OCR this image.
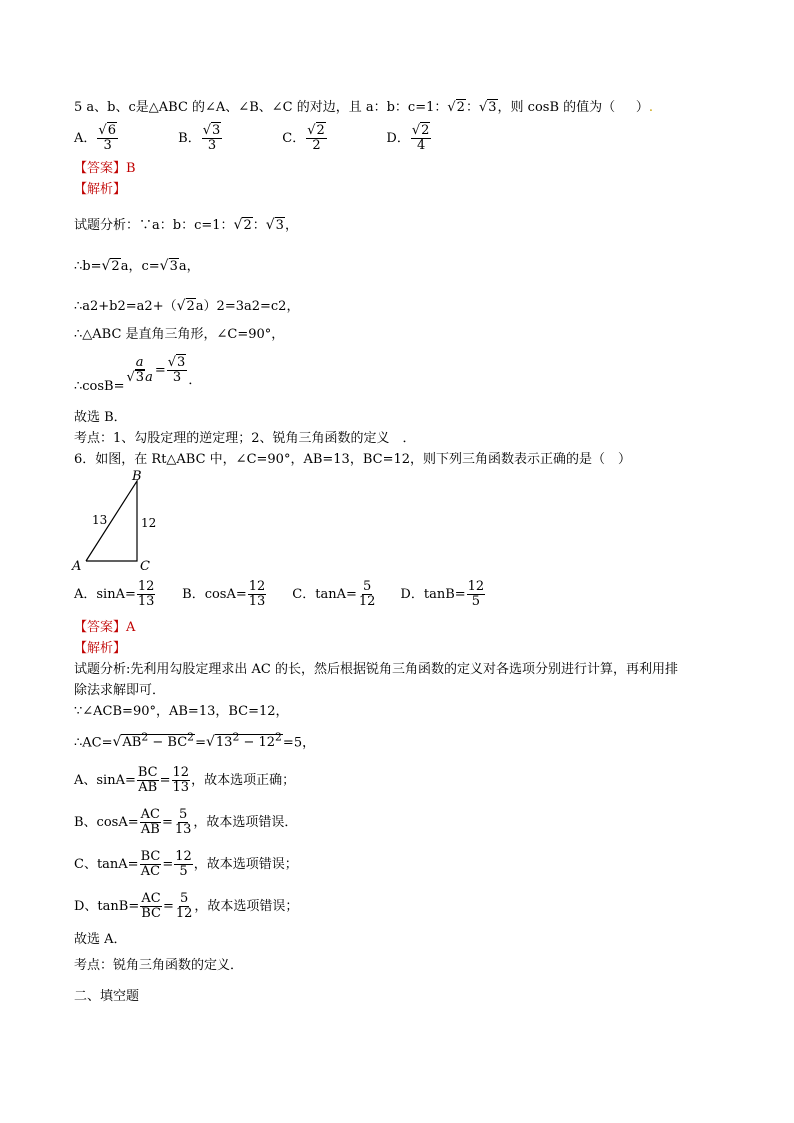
5 a、b、c是△ABC 的∠A、∠B、∠C 的对边，且 a：b：c=1：√ 2：√ 3，则 cosB 的值为（ ）.
A．
√ $\frac{6}{3}$	B．
√ $\frac{3}{3}$	C．
√ $\frac{2}{2}$	D．
√ $\frac{2}{4}$
【答案】B
【解析】
试题分析：∵a：b：c=1：√ 2：√ 3，
∴b=√ 2a，c=√ 3a，
∴a2+b2=a2+（√ 2a）2=3a2=c2，
∴△ABC 是直角三角形，∠C=90°，
∴cosB=
a
√ 3a =
√ $\frac{3}{3}$ ．
故选 B．
考点：1、勾股定理的逆定理；2、锐角三角函数的定义　．
6．如图，在 Rt△ABC 中，∠C=90°，AB=13，BC=12，则下列三角函数表示正确的是（　）
B
A	C
13	12
A．$\sin A= \frac{12}{13}$ B．$\cos A= \frac{12}{13}$ C．$\tan A= \frac{5}{12}$ D．$\tan B= \frac{12}{5}$
【答案】A
【解析】
试题分析:先利用勾股定理求出 AC 的长，然后根据锐角三角函数的定义对各选项分别进行计算，再利用排
除法求解即可．
∵∠ACB=90°，AB=13，BC=12，
∴AC=√ $AB^2 - BC^2=√$ $13^2 - 12^2=5$，
A、$\sin A= \frac{BC}{AB} = \frac{12}{13}$ ，故本选项正确；
B、$\cos A= \frac{AC}{AB} = \frac{5}{13}$ ，故本选项错误．
C、$\tan A= \frac{BC}{AC} = \frac{12}{5}$ ，故本选项错误；
D、$\tan B= \frac{AC}{BC} = \frac{5}{12}$ ，故本选项错误；
故选 A．
考点：锐角三角函数的定义．
二、填空题
